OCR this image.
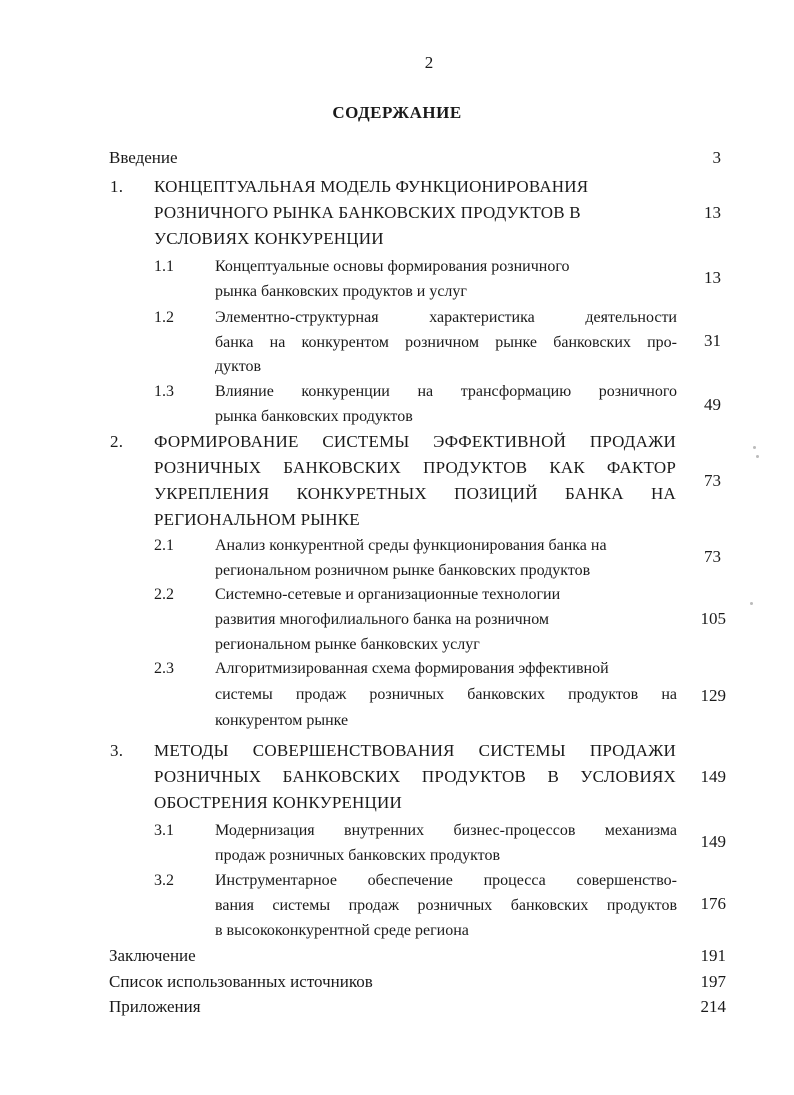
2
СОДЕРЖАНИЕ
Введение	3
1. КОНЦЕПТУАЛЬНАЯ МОДЕЛЬ ФУНКЦИОНИРОВАНИЯ
РОЗНИЧНОГО РЫНКА БАНКОВСКИХ ПРОДУКТОВ В
УСЛОВИЯХ КОНКУРЕНЦИИ
13
1.1	Концептуальные основы формирования розничного
рынка банковских продуктов и услуг
13
1.2	Элементно-структурная характеристика деятельности
банка на конкурентом розничном рынке банковских про-
дуктов
31
1.3	Влияние конкуренции на трансформацию розничного
рынка банковских продуктов
49
2. ФОРМИРОВАНИЕ СИСТЕМЫ ЭФФЕКТИВНОЙ ПРОДАЖИ
РОЗНИЧНЫХ БАНКОВСКИХ ПРОДУКТОВ КАК ФАКТОР
УКРЕПЛЕНИЯ КОНКУРЕТНЫХ ПОЗИЦИЙ БАНКА НА
РЕГИОНАЛЬНОМ РЫНКЕ
73
2.1	Анализ конкурентной среды функционирования банка на
региональном розничном рынке банковских продуктов
73
2.2	Системно-сетевые и организационные технологии
развития многофилиального банка на розничном
региональном рынке банковских услуг
105
2.3	Алгоритмизированная схема формирования эффективной
системы продаж розничных банковских продуктов на
конкурентом рынке
129
3. МЕТОДЫ СОВЕРШЕНСТВОВАНИЯ СИСТЕМЫ ПРОДАЖИ
РОЗНИЧНЫХ БАНКОВСКИХ ПРОДУКТОВ В УСЛОВИЯХ
ОБОСТРЕНИЯ КОНКУРЕНЦИИ
149
3.1	Модернизация внутренних бизнес-процессов механизма
продаж розничных банковских продуктов
149
3.2	Инструментарное обеспечение процесса совершенство-
вания системы продаж розничных банковских продуктов
в высококонкурентной среде региона
176
Заключение	191
Список использованных источников	197
Приложения	214
